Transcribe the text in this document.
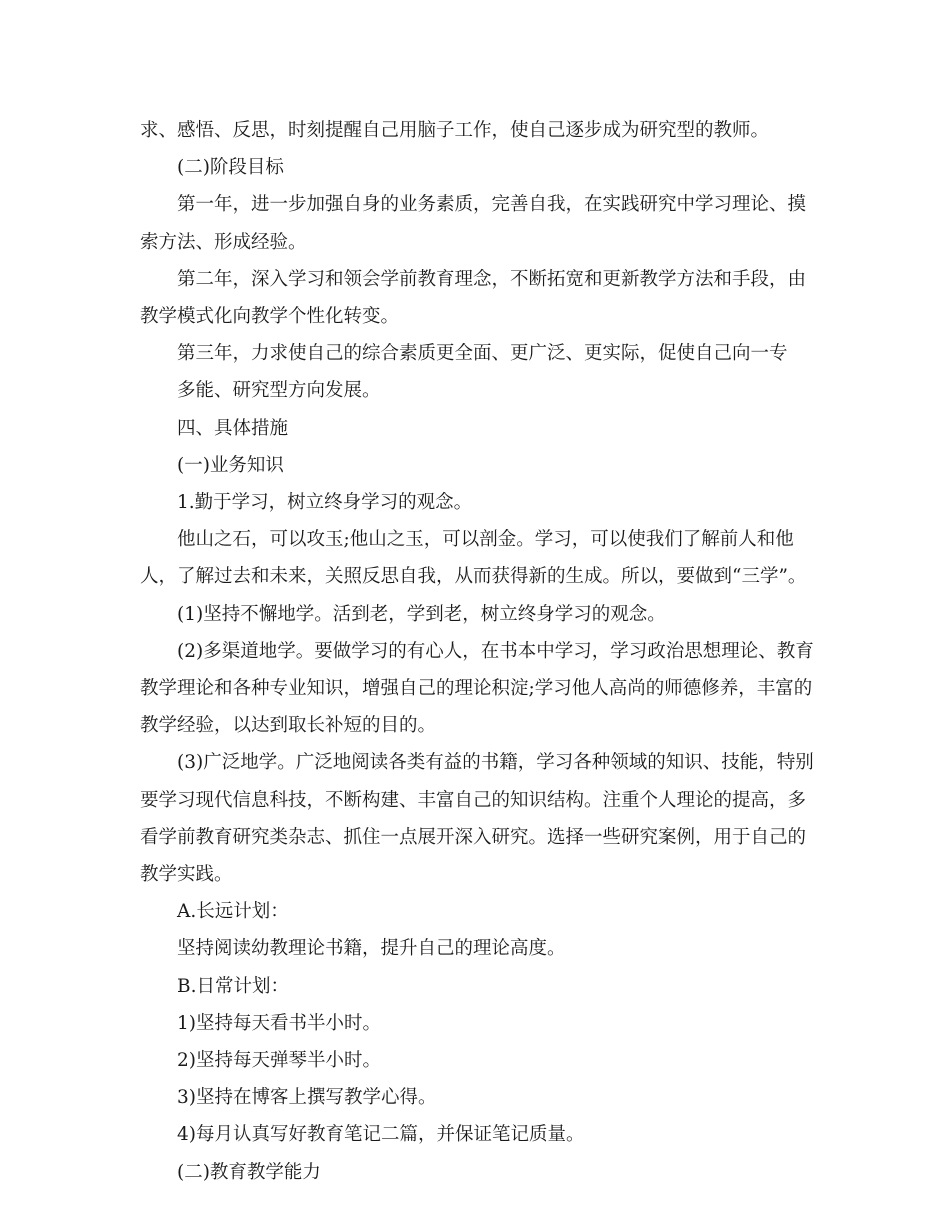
求、感悟、反思，时刻提醒自己用脑子工作，使自己逐步成为研究型的教师。

(二)阶段目标

第一年，进一步加强自身的业务素质，完善自我，在实践研究中学习理论、摸索方法、形成经验。

第二年，深入学习和领会学前教育理念，不断拓宽和更新教学方法和手段，由教学模式化向教学个性化转变。

第三年，力求使自己的综合素质更全面、更广泛、更实际，促使自己向一专

多能、研究型方向发展。

四、具体措施

(一)业务知识

1.勤于学习，树立终身学习的观念。

他山之石，可以攻玉;他山之玉，可以剖金。学习，可以使我们了解前人和他人，了解过去和未来，关照反思自我，从而获得新的生成。所以，要做到“三学”。

(1)坚持不懈地学。活到老，学到老，树立终身学习的观念。

(2)多渠道地学。要做学习的有心人，在书本中学习，学习政治思想理论、教育教学理论和各种专业知识，增强自己的理论积淀;学习他人高尚的师德修养，丰富的教学经验，以达到取长补短的目的。

(3)广泛地学。广泛地阅读各类有益的书籍，学习各种领域的知识、技能，特别要学习现代信息科技，不断构建、丰富自己的知识结构。注重个人理论的提高，多看学前教育研究类杂志、抓住一点展开深入研究。选择一些研究案例，用于自己的教学实践。

A.长远计划：

坚持阅读幼教理论书籍，提升自己的理论高度。

B.日常计划：

1)坚持每天看书半小时。

2)坚持每天弹琴半小时。

3)坚持在博客上撰写教学心得。

4)每月认真写好教育笔记二篇，并保证笔记质量。

(二)教育教学能力
